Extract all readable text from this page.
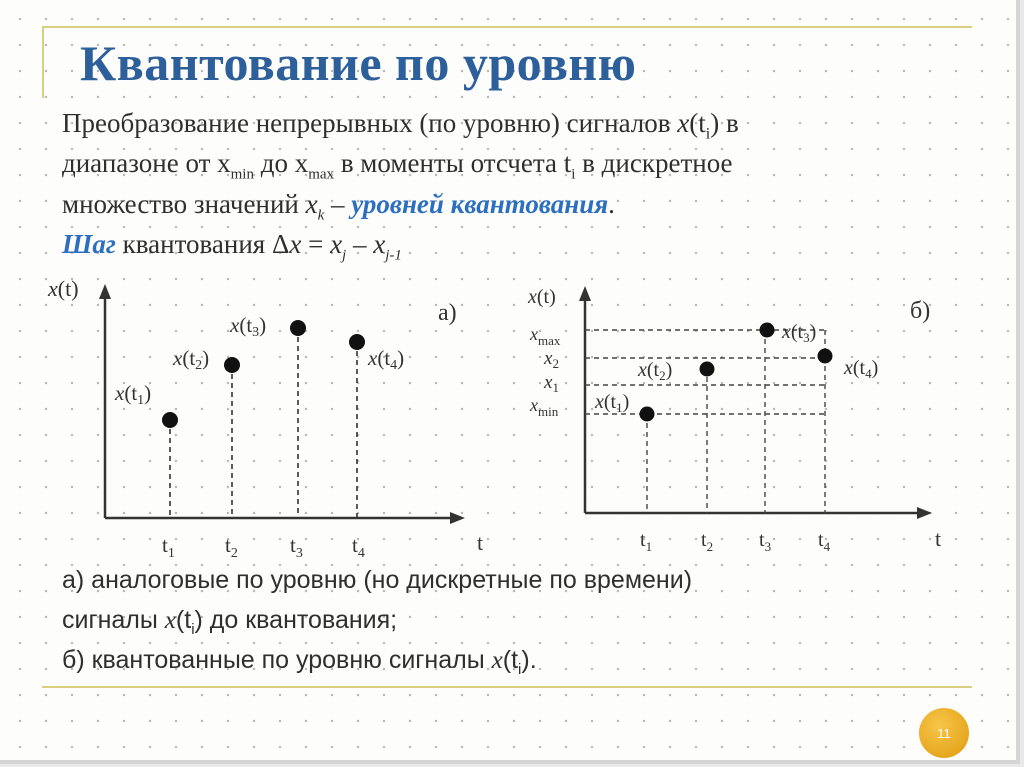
Квантование по уровню
Преобразование непрерывных (по уровню) сигналов $x(t_i)$ в
диапазоне от $x_{min}$ до $x_{max}$ в моменты отсчета $t_i$ в дискретное
множество значений $x_k$ – уровней квантования.
Шаг квантования $\Delta x = x_j - x_{j-1}$
x(t)
t
а)
x(t1)
x(t2)
x(t3)
x(t4)
$t_1$ $t_2$ $t_3$ $t_4$
x(t)
t
б)
$x_{max}$
$x_2$
$x_1$
$x_{min}$ $x(t_1)$
$x(t_2)$
$x(t_3)$
$x(t_4)$
$t_1$ $t_2$ $t_3$ $t_4$
а) аналоговые по уровню (но дискретные по времени)
сигналы $x(t_i)$ до квантования;
б) квантованные по уровню сигналы $x(t_i)$.
11
